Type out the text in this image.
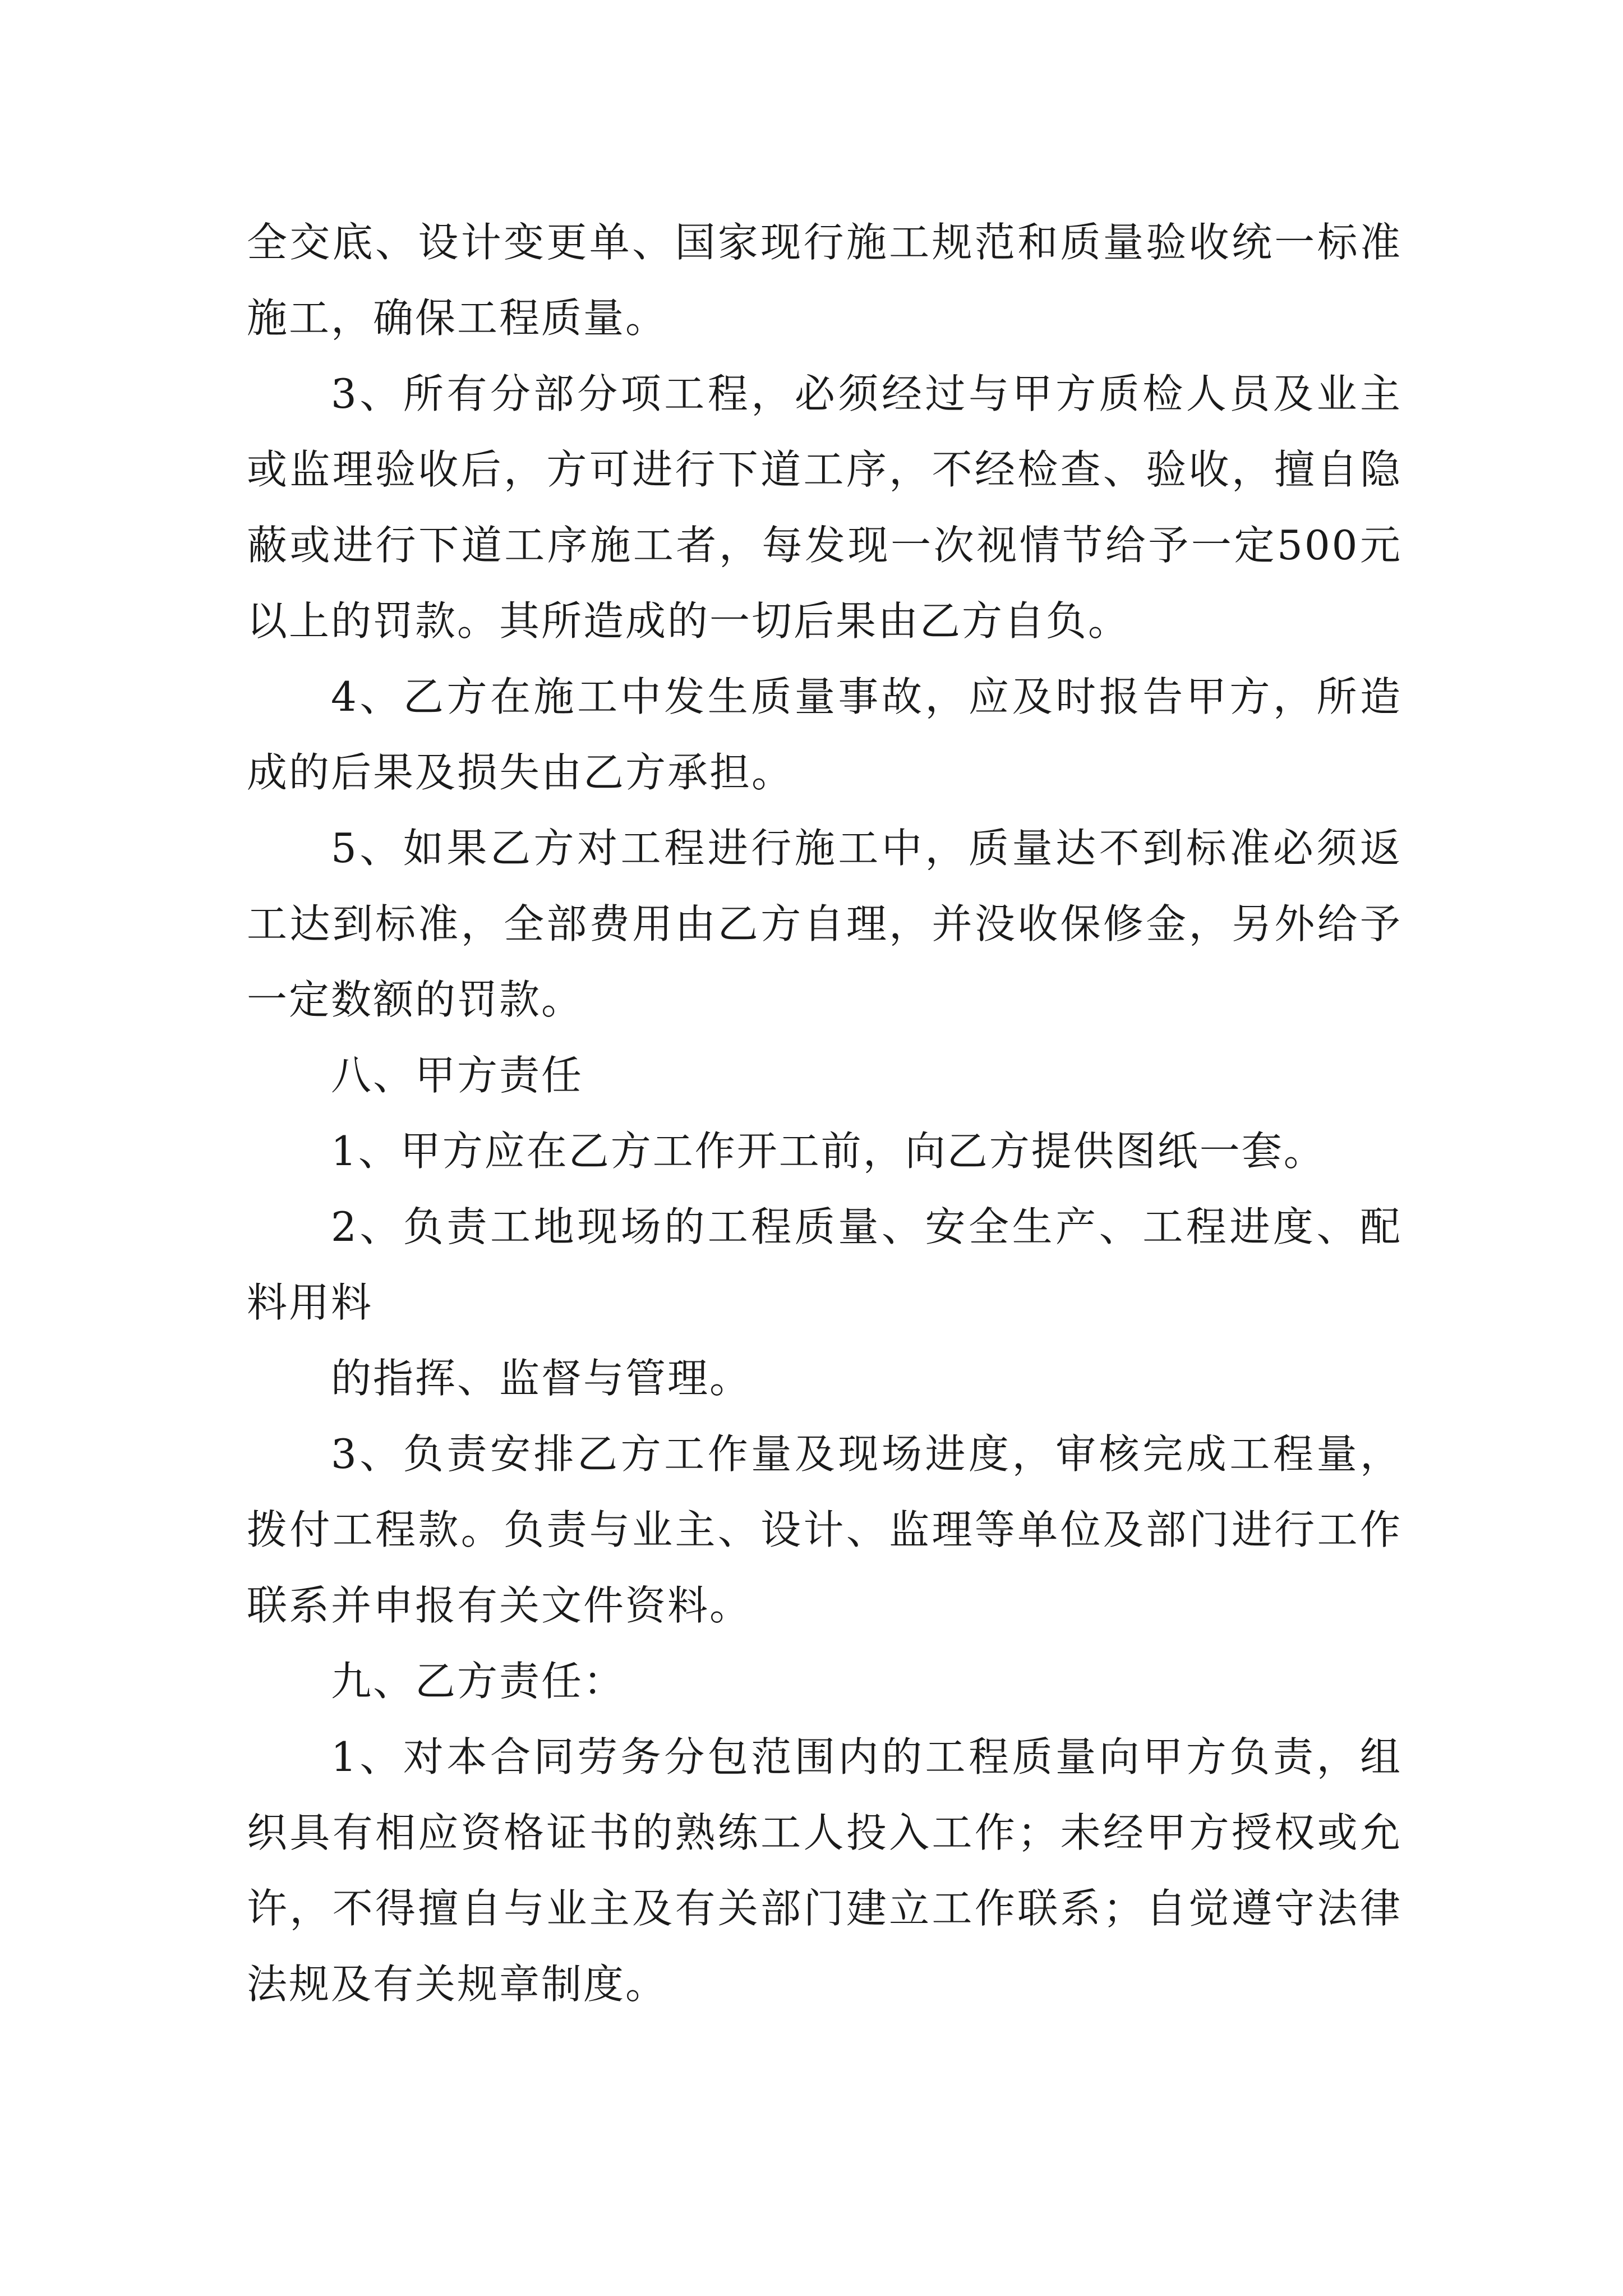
全交底、设计变更单、国家现行施工规范和质量验收统一标准施工，确保工程质量。

3、所有分部分项工程，必须经过与甲方质检人员及业主或监理验收后，方可进行下道工序，不经检查、验收，擅自隐蔽或进行下道工序施工者，每发现一次视情节给予一定500元以上的罚款。其所造成的一切后果由乙方自负。

4、乙方在施工中发生质量事故，应及时报告甲方，所造成的后果及损失由乙方承担。

5、如果乙方对工程进行施工中，质量达不到标准必须返工达到标准，全部费用由乙方自理，并没收保修金，另外给予一定数额的罚款。

八、甲方责任

1、甲方应在乙方工作开工前，向乙方提供图纸一套。

2、负责工地现场的工程质量、安全生产、工程进度、配料用料

的指挥、监督与管理。

3、负责安排乙方工作量及现场进度，审核完成工程量，拨付工程款。负责与业主、设计、监理等单位及部门进行工作联系并申报有关文件资料。

九、乙方责任：

1、对本合同劳务分包范围内的工程质量向甲方负责，组织具有相应资格证书的熟练工人投入工作；未经甲方授权或允许，不得擅自与业主及有关部门建立工作联系；自觉遵守法律法规及有关规章制度。
